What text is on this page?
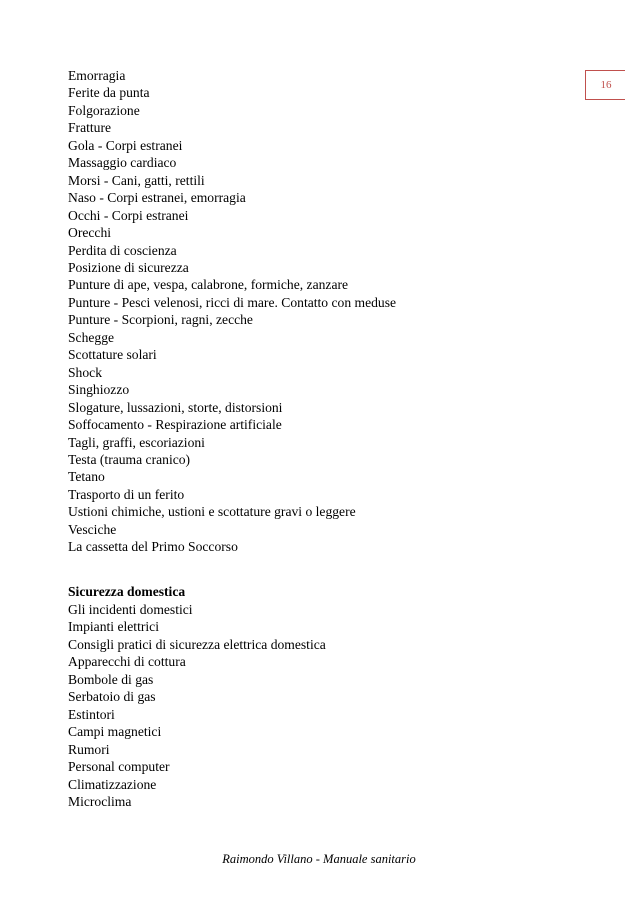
16
Emorragia
Ferite da punta
Folgorazione
Fratture
Gola - Corpi estranei
Massaggio cardiaco
Morsi - Cani, gatti, rettili
Naso - Corpi estranei, emorragia
Occhi - Corpi estranei
Orecchi
Perdita di coscienza
Posizione di sicurezza
Punture di ape, vespa, calabrone, formiche, zanzare
Punture - Pesci velenosi, ricci di mare. Contatto con meduse
Punture - Scorpioni, ragni, zecche
Schegge
Scottature solari
Shock
Singhiozzo
Slogature, lussazioni, storte, distorsioni
Soffocamento - Respirazione artificiale
Tagli, graffi, escoriazioni
Testa (trauma cranico)
Tetano
Trasporto di un ferito
Ustioni chimiche, ustioni e scottature gravi o leggere
Vesciche
La cassetta del Primo Soccorso
Sicurezza domestica
Gli incidenti domestici
Impianti elettrici
Consigli pratici di sicurezza elettrica domestica
Apparecchi di cottura
Bombole di gas
Serbatoio di gas
Estintori
Campi magnetici
Rumori
Personal computer
Climatizzazione
Microclima
Raimondo Villano - Manuale sanitario
